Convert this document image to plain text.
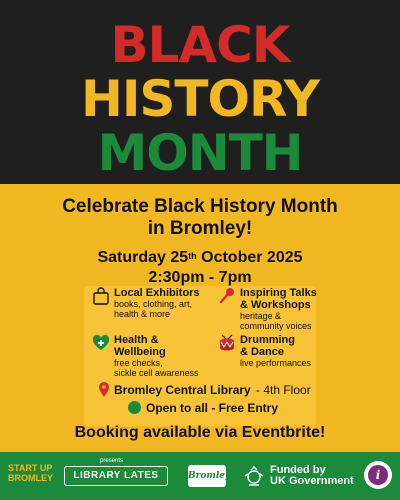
BLACK
HISTORY
MONTH
Celebrate Black History Month
in Bromley!
Saturday 25th October 2025
2:30pm - 7pm
Local Exhibitors
books, clothing, art,
health & more
Inspiring Talks
& Workshops
heritage &
community voices
Health &
Wellbeing
free checks,
sickle cell awareness
Drumming
& Dance
live performances
Bromley Central Library - 4th Floor
Open to all - Free Entry
Booking available via Eventbrite!
START UP
BROMLEY
presents
LIBRARY LATES	Bromley	Funded by
UK Government	i
